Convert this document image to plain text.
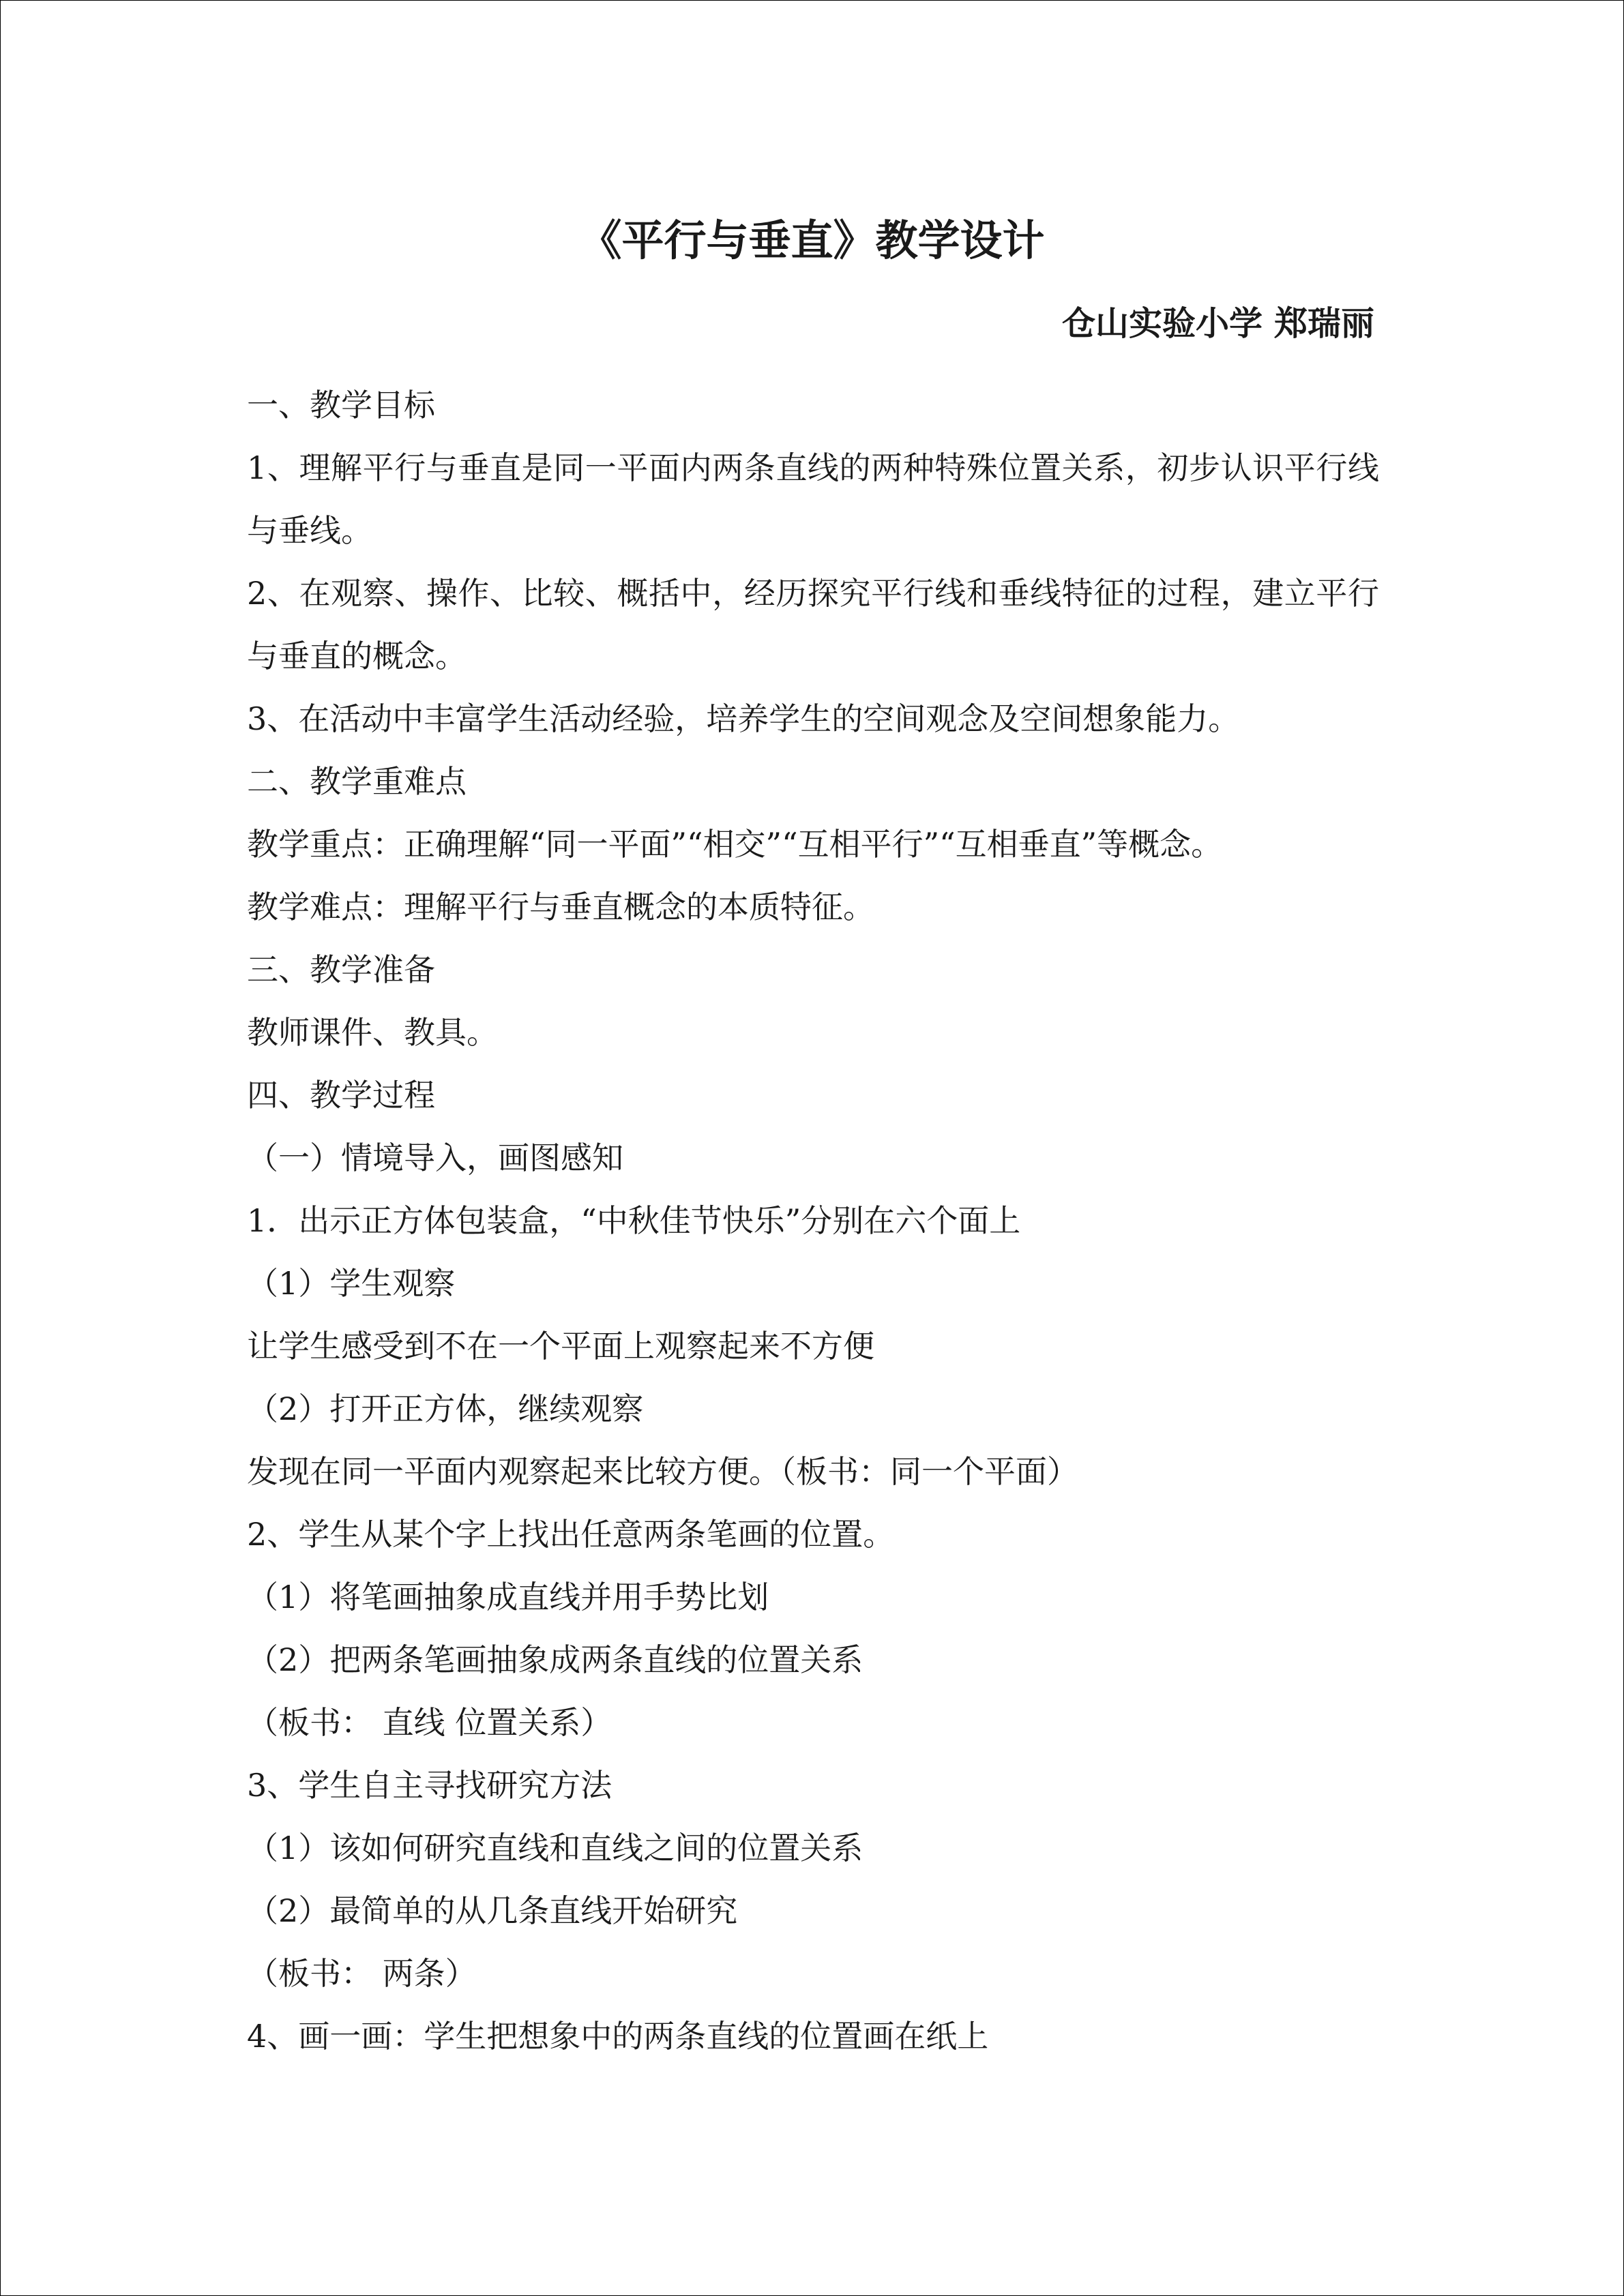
《平行与垂直》教学设计
仓山实验小学 郑瑞丽
一、教学目标
1、理解平行与垂直是同一平面内两条直线的两种特殊位置关系，初步认识平行线与垂线。
2、在观察、操作、比较、概括中，经历探究平行线和垂线特征的过程，建立平行与垂直的概念。
3、在活动中丰富学生活动经验，培养学生的空间观念及空间想象能力。
二、教学重难点
教学重点：正确理解“同一平面”“相交”“互相平行”“互相垂直”等概念。
教学难点：理解平行与垂直概念的本质特征。
三、教学准备
教师课件、教具。
四、教学过程
（一）情境导入，画图感知
1．出示正方体包装盒，“中秋佳节快乐”分别在六个面上
（1）学生观察
让学生感受到不在一个平面上观察起来不方便
（2）打开正方体，继续观察
发现在同一平面内观察起来比较方便。（板书：同一个平面）
2、学生从某个字上找出任意两条笔画的位置。
（1）将笔画抽象成直线并用手势比划
（2）把两条笔画抽象成两条直线的位置关系
（板书： 直线 位置关系）
3、学生自主寻找研究方法
（1）该如何研究直线和直线之间的位置关系
（2）最简单的从几条直线开始研究
（板书： 两条）
4、画一画：学生把想象中的两条直线的位置画在纸上
